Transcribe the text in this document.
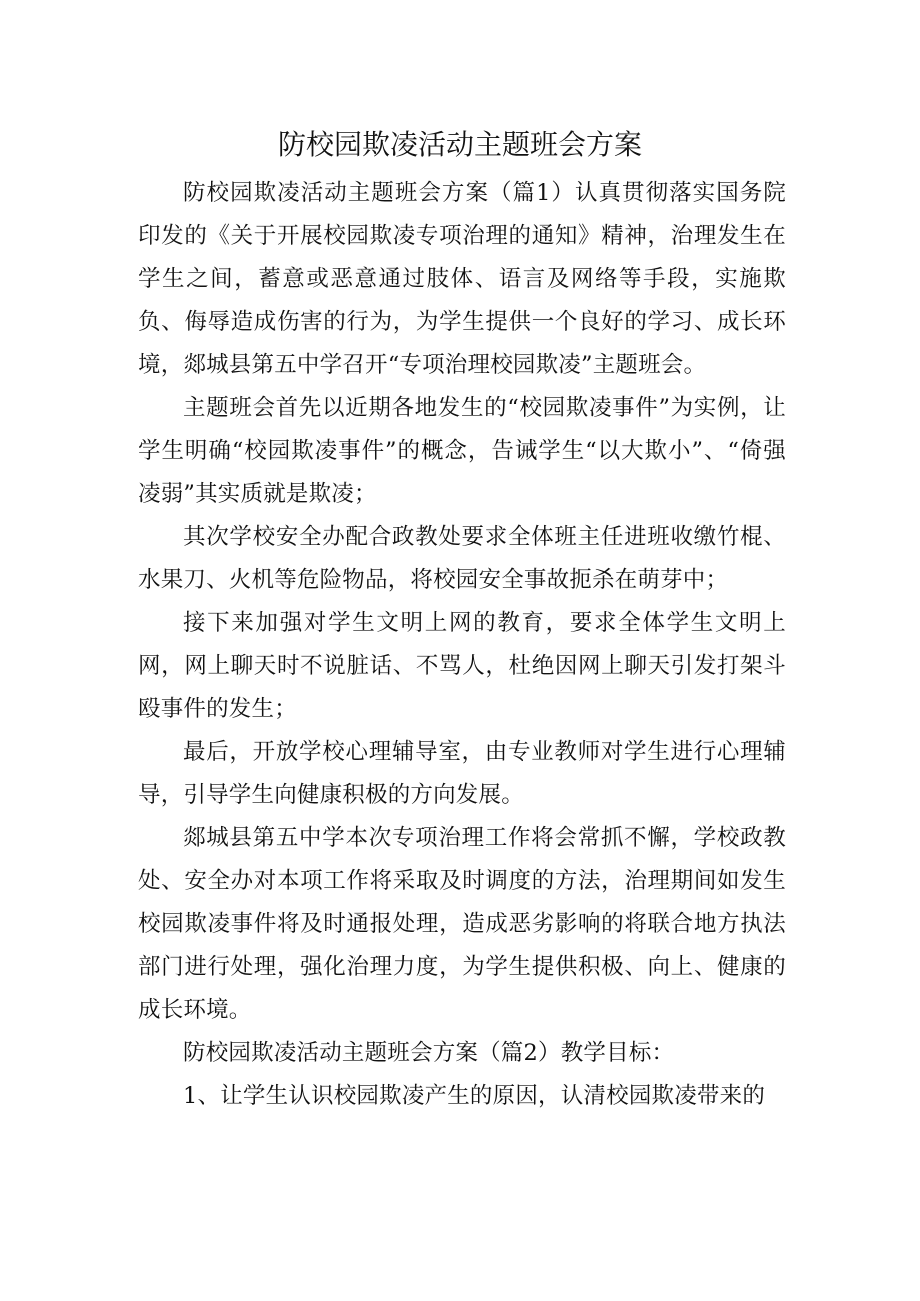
防校园欺凌活动主题班会方案

防校园欺凌活动主题班会方案（篇1）认真贯彻落实国务院印发的《关于开展校园欺凌专项治理的通知》精神，治理发生在学生之间，蓄意或恶意通过肢体、语言及网络等手段，实施欺负、侮辱造成伤害的行为，为学生提供一个良好的学习、成长环境，郯城县第五中学召开“专项治理校园欺凌”主题班会。

主题班会首先以近期各地发生的“校园欺凌事件”为实例，让学生明确“校园欺凌事件”的概念，告诫学生“以大欺小”、“倚强凌弱”其实质就是欺凌；

其次学校安全办配合政教处要求全体班主任进班收缴竹棍、水果刀、火机等危险物品，将校园安全事故扼杀在萌芽中；

接下来加强对学生文明上网的教育，要求全体学生文明上网，网上聊天时不说脏话、不骂人，杜绝因网上聊天引发打架斗殴事件的发生；

最后，开放学校心理辅导室，由专业教师对学生进行心理辅导，引导学生向健康积极的方向发展。

郯城县第五中学本次专项治理工作将会常抓不懈，学校政教处、安全办对本项工作将采取及时调度的方法，治理期间如发生校园欺凌事件将及时通报处理，造成恶劣影响的将联合地方执法部门进行处理，强化治理力度，为学生提供积极、向上、健康的成长环境。

防校园欺凌活动主题班会方案（篇2）教学目标：

1、让学生认识校园欺凌产生的原因，认清校园欺凌带来的
